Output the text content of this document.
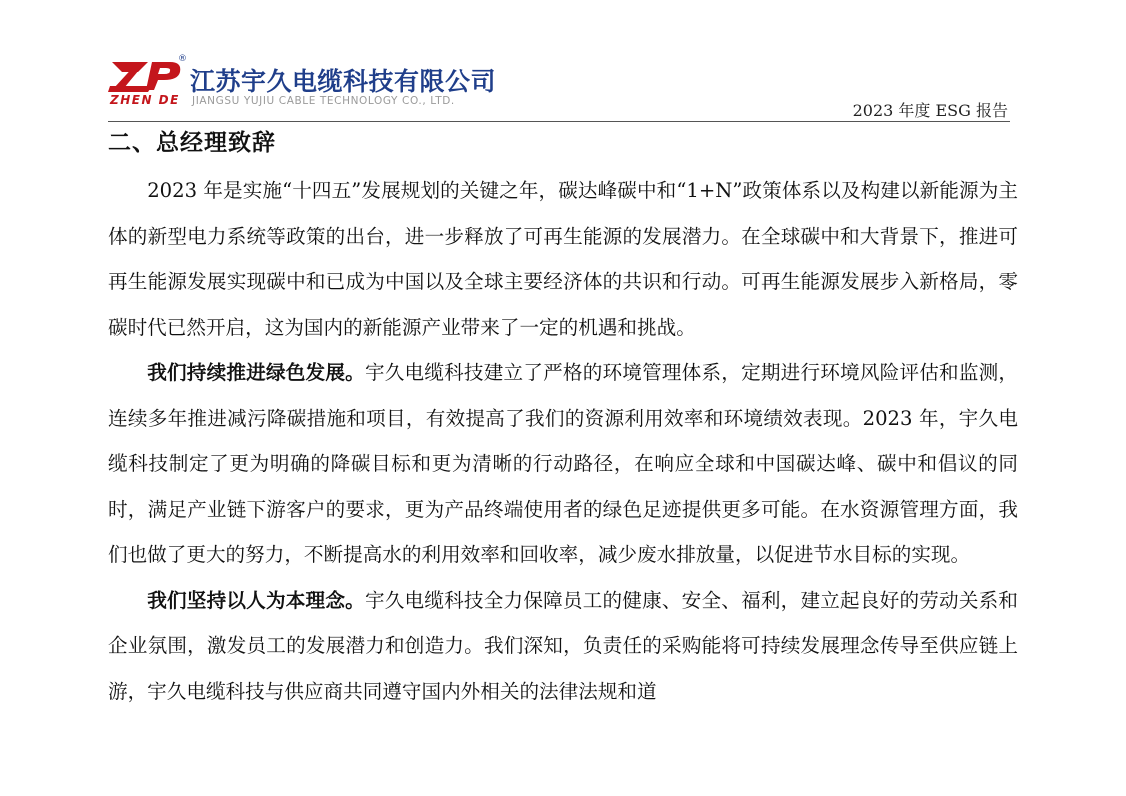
®
ZHEN DE
江苏宇久电缆科技有限公司
JIANGSU YUJIU CABLE TECHNOLOGY CO., LTD.	2023 年度 ESG 报告
二、总经理致辞

2023 年是实施“十四五”发展规划的关键之年，碳达峰碳中和“1+N”政策体系以及构建以新能源为主体的新型电力系统等政策的出台，进一步释放了可再生能源的发展潜力。在全球碳中和大背景下，推进可再生能源发展实现碳中和已成为中国以及全球主要经济体的共识和行动。可再生能源发展步入新格局，零碳时代已然开启，这为国内的新能源产业带来了一定的机遇和挑战。

我们持续推进绿色发展。宇久电缆科技建立了严格的环境管理体系，定期进行环境风险评估和监测，连续多年推进减污降碳措施和项目，有效提高了我们的资源利用效率和环境绩效表现。2023 年，宇久电缆科技制定了更为明确的降碳目标和更为清晰的行动路径，在响应全球和中国碳达峰、碳中和倡议的同时，满足产业链下游客户的要求，更为产品终端使用者的绿色足迹提供更多可能。在水资源管理方面，我们也做了更大的努力，不断提高水的利用效率和回收率，减少废水排放量，以促进节水目标的实现。

我们坚持以人为本理念。宇久电缆科技全力保障员工的健康、安全、福利，建立起良好的劳动关系和企业氛围，激发员工的发展潜力和创造力。我们深知，负责任的采购能将可持续发展理念传导至供应链上游，宇久电缆科技与供应商共同遵守国内外相关的法律法规和道
